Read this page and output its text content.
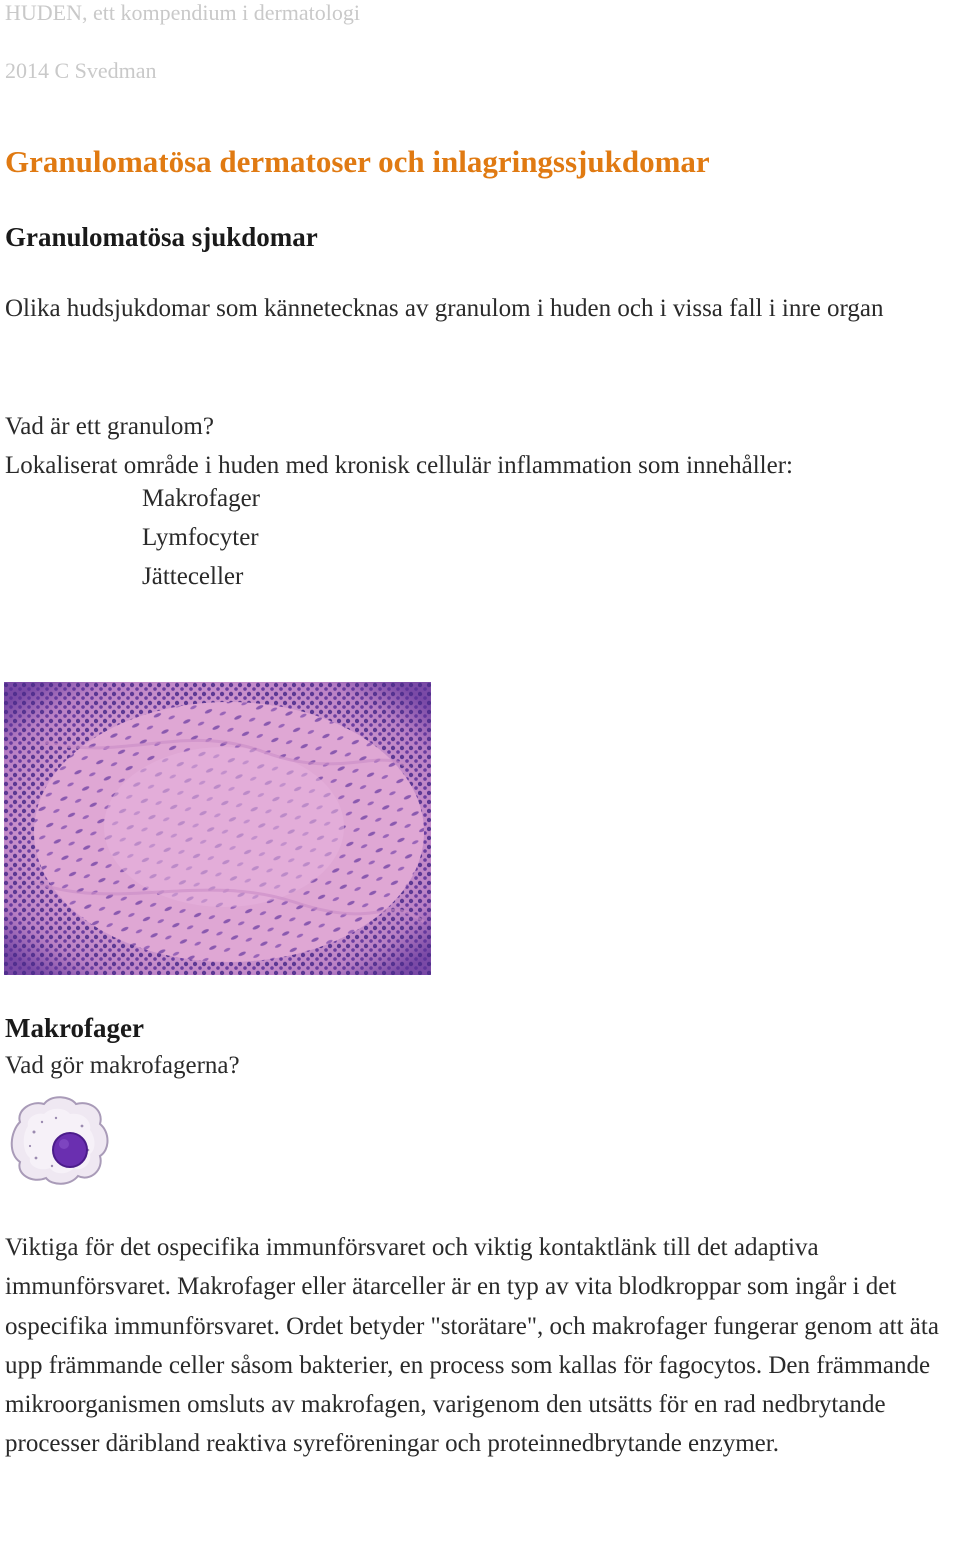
HUDEN, ett kompendium i dermatologi
2014 C Svedman
Granulomatösa dermatoser och inlagringssjukdomar
Granulomatösa sjukdomar
Olika hudsjukdomar som kännetecknas av granulom i huden och i vissa fall i inre organ
Vad är ett granulom?
Lokaliserat område i huden med kronisk cellulär inflammation som innehåller:
Makrofager
Lymfocyter
Jätteceller
Makrofager
Vad gör makrofagerna?
Viktiga för det ospecifika immunförsvaret och viktig kontaktlänk till det adaptiva immunförsvaret. Makrofager eller ätarceller är en typ av vita blodkroppar som ingår i det ospecifika immunförsvaret. Ordet betyder "storätare", och makrofager fungerar genom att äta upp främmande celler såsom bakterier, en process som kallas för fagocytos. Den främmande mikroorganismen omsluts av makrofagen, varigenom den utsätts för en rad nedbrytande processer däribland reaktiva syreföreningar och proteinnedbrytande enzymer.
